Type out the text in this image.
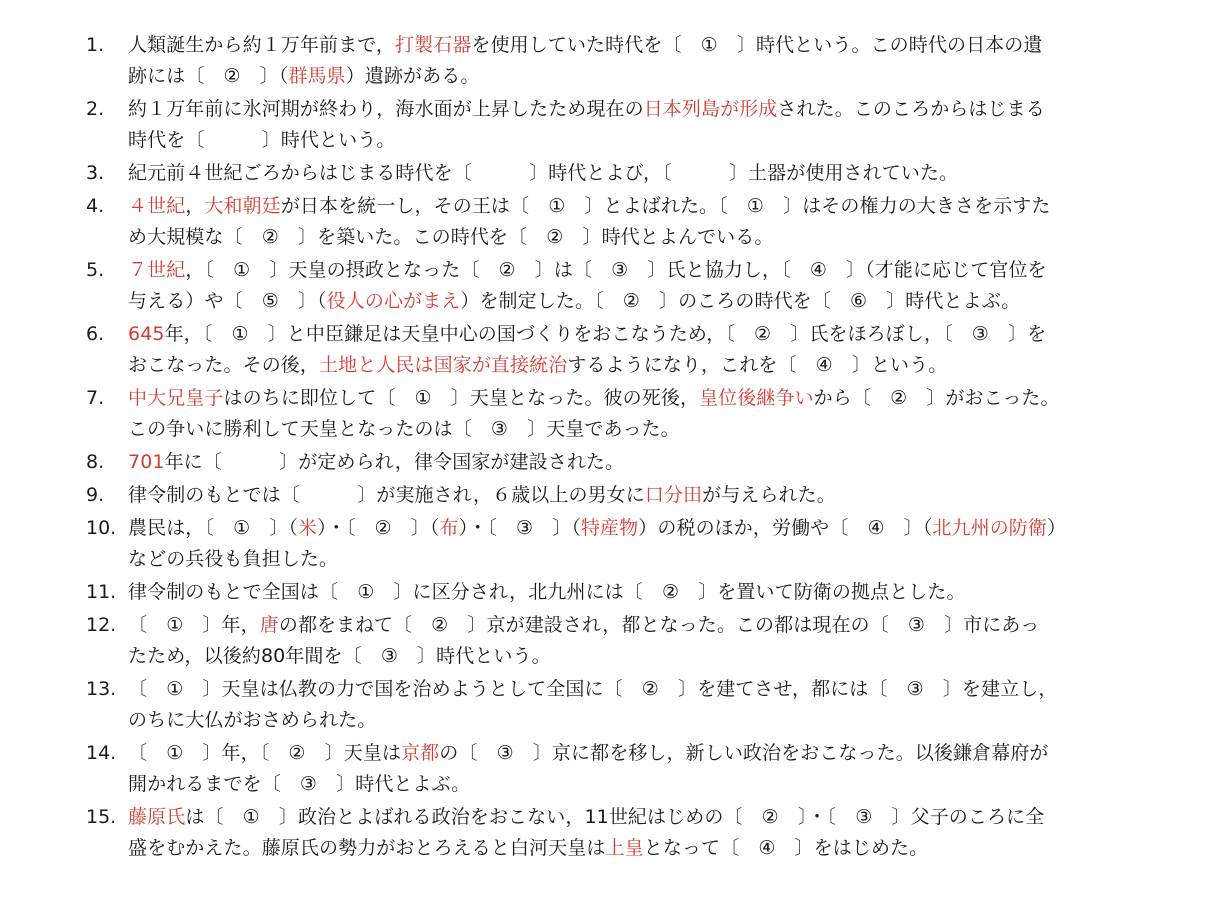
1.	人類誕生から約１万年前まで，打製石器を使用していた時代を〔　①　〕時代という。この時代の日本の遺
跡には〔　②　〕（群馬県）遺跡がある。
2.	約１万年前に氷河期が終わり，海水面が上昇したため現在の日本列島が形成された。このころからはじまる
時代を〔　　　〕時代という。
3.	紀元前４世紀ごろからはじまる時代を〔　　　〕時代とよび，〔　　　〕土器が使用されていた。
4.	４世紀，大和朝廷が日本を統一し，その王は〔　①　〕とよばれた。〔　①　〕はその権力の大きさを示すた
め大規模な〔　②　〕を築いた。この時代を〔　②　〕時代とよんでいる。
5.	７世紀，〔　①　〕天皇の摂政となった〔　②　〕は〔　③　〕氏と協力し，〔　④　〕（才能に応じて官位を
与える）や〔　⑤　〕（役人の心がまえ）を制定した。〔　②　〕のころの時代を〔　⑥　〕時代とよぶ。
6.	645年，〔　①　〕と中臣鎌足は天皇中心の国づくりをおこなうため，〔　②　〕氏をほろぼし，〔　③　〕を
おこなった。その後，土地と人民は国家が直接統治するようになり，これを〔　④　〕という。
7.	中大兄皇子はのちに即位して〔　①　〕天皇となった。彼の死後，皇位後継争いから〔　②　〕がおこった。
この争いに勝利して天皇となったのは〔　③　〕天皇であった。
8.	701年に〔　　　〕が定められ，律令国家が建設された。
9.	律令制のもとでは〔　　　〕が実施され，６歳以上の男女に口分田が与えられた。
10. 農民は，〔　①　〕（米）・〔　②　〕（布）・〔　③　〕（特産物）の税のほか，労働や〔　④　〕（北九州の防衛）
などの兵役も負担した。
11. 律令制のもとで全国は〔　①　〕に区分され，北九州には〔　②　〕を置いて防衛の拠点とした。
12. 〔　①　〕年，唐の都をまねて〔　②　〕京が建設され，都となった。この都は現在の〔　③　〕市にあっ
たため，以後約80年間を〔　③　〕時代という。
13. 〔　①　〕天皇は仏教の力で国を治めようとして全国に〔　②　〕を建てさせ，都には〔　③　〕を建立し，
のちに大仏がおさめられた。
14. 〔　①　〕年，〔　②　〕天皇は京都の〔　③　〕京に都を移し，新しい政治をおこなった。以後鎌倉幕府が
開かれるまでを〔　③　〕時代とよぶ。
15. 藤原氏は〔　①　〕政治とよばれる政治をおこない，11世紀はじめの〔　②　〕・〔　③　〕父子のころに全
盛をむかえた。藤原氏の勢力がおとろえると白河天皇は上皇となって〔　④　〕をはじめた。
